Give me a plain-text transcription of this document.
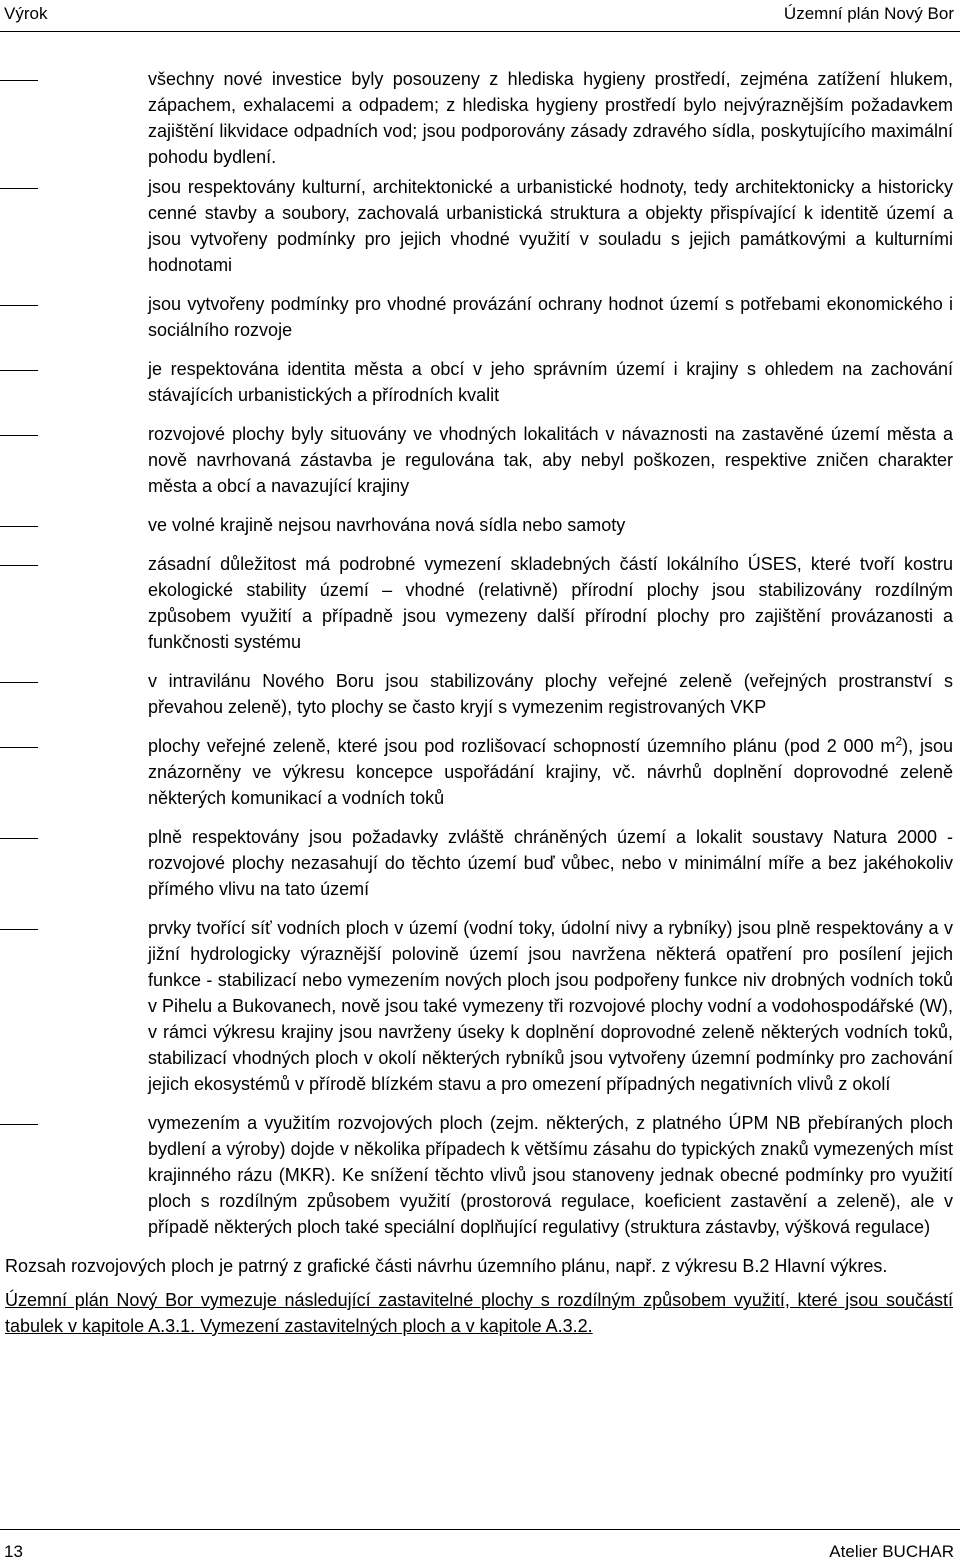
Výrok	Územní plán Nový Bor
všechny nové investice byly posouzeny z hlediska hygieny prostředí, zejména zatížení hlukem, zápachem, exhalacemi a odpadem; z hlediska hygieny prostředí bylo nejvýraznějším požadavkem zajištění likvidace odpadních vod; jsou podporovány zásady zdravého sídla, poskytujícího maximální pohodu bydlení.
jsou respektovány kulturní, architektonické a urbanistické hodnoty, tedy architektonicky a historicky cenné stavby a soubory, zachovalá urbanistická struktura a objekty přispívající k identitě území a jsou vytvořeny podmínky pro jejich vhodné využití v souladu s jejich památkovými a kulturními hodnotami
jsou vytvořeny podmínky pro vhodné provázání ochrany hodnot území s potřebami ekonomického i sociálního rozvoje
je respektována identita města a obcí v jeho správním území i krajiny s ohledem na zachování stávajících urbanistických a přírodních kvalit
rozvojové plochy byly situovány ve vhodných lokalitách v návaznosti na zastavěné území města a nově navrhovaná zástavba je regulována tak, aby nebyl poškozen, respektive zničen charakter města a obcí a navazující krajiny
ve volné krajině nejsou navrhována nová sídla nebo samoty
zásadní důležitost má podrobné vymezení skladebných částí lokálního ÚSES, které tvoří kostru ekologické stability území – vhodné (relativně) přírodní plochy jsou stabilizovány rozdílným způsobem využití a případně jsou vymezeny další přírodní plochy pro zajištění provázanosti a funkčnosti systému
v intravilánu Nového Boru jsou stabilizovány plochy veřejné zeleně (veřejných prostranství s převahou zeleně), tyto plochy se často kryjí s vymezenim registrovaných VKP
plochy veřejné zeleně, které jsou pod rozlišovací schopností územního plánu (pod 2 000 $m^2$), jsou znázorněny ve výkresu koncepce uspořádání krajiny, vč. návrhů doplnění doprovodné zeleně některých komunikací a vodních toků
plně respektovány jsou požadavky zvláště chráněných území a lokalit soustavy Natura 2000 - rozvojové plochy nezasahují do těchto území buď vůbec, nebo v minimální míře a bez jakéhokoliv přímého vlivu na tato území
prvky tvořící síť vodních ploch v území (vodní toky, údolní nivy a rybníky) jsou plně respektovány a v jižní hydrologicky výraznější polovině území jsou navržena některá opatření pro posílení jejich funkce - stabilizací nebo vymezením nových ploch jsou podpořeny funkce niv drobných vodních toků v Pihelu a Bukovanech, nově jsou také vymezeny tři rozvojové plochy vodní a vodohospodářské (W), v rámci výkresu krajiny jsou navrženy úseky k doplnění doprovodné zeleně některých vodních toků, stabilizací vhodných ploch v okolí některých rybníků jsou vytvořeny územní podmínky pro zachování jejich ekosystémů v přírodě blízkém stavu a pro omezení případných negativních vlivů z okolí
vymezením a využitím rozvojových ploch (zejm. některých, z platného ÚPM NB přebíraných ploch bydlení a výroby) dojde v několika případech k většímu zásahu do typických znaků vymezených míst krajinného rázu (MKR). Ke snížení těchto vlivů jsou stanoveny jednak obecné podmínky pro využití ploch s rozdílným způsobem využití (prostorová regulace, koeficient zastavění a zeleně), ale v případě některých ploch také speciální doplňující regulativy (struktura zástavby, výšková regulace)

Rozsah rozvojových ploch je patrný z grafické části návrhu územního plánu, např. z výkresu B.2 Hlavní výkres.

Územní plán Nový Bor vymezuje následující zastavitelné plochy s rozdílným způsobem využití, které jsou součástí tabulek v kapitole A.3.1. Vymezení zastavitelných ploch a v kapitole A.3.2.

13	Atelier BUCHAR
